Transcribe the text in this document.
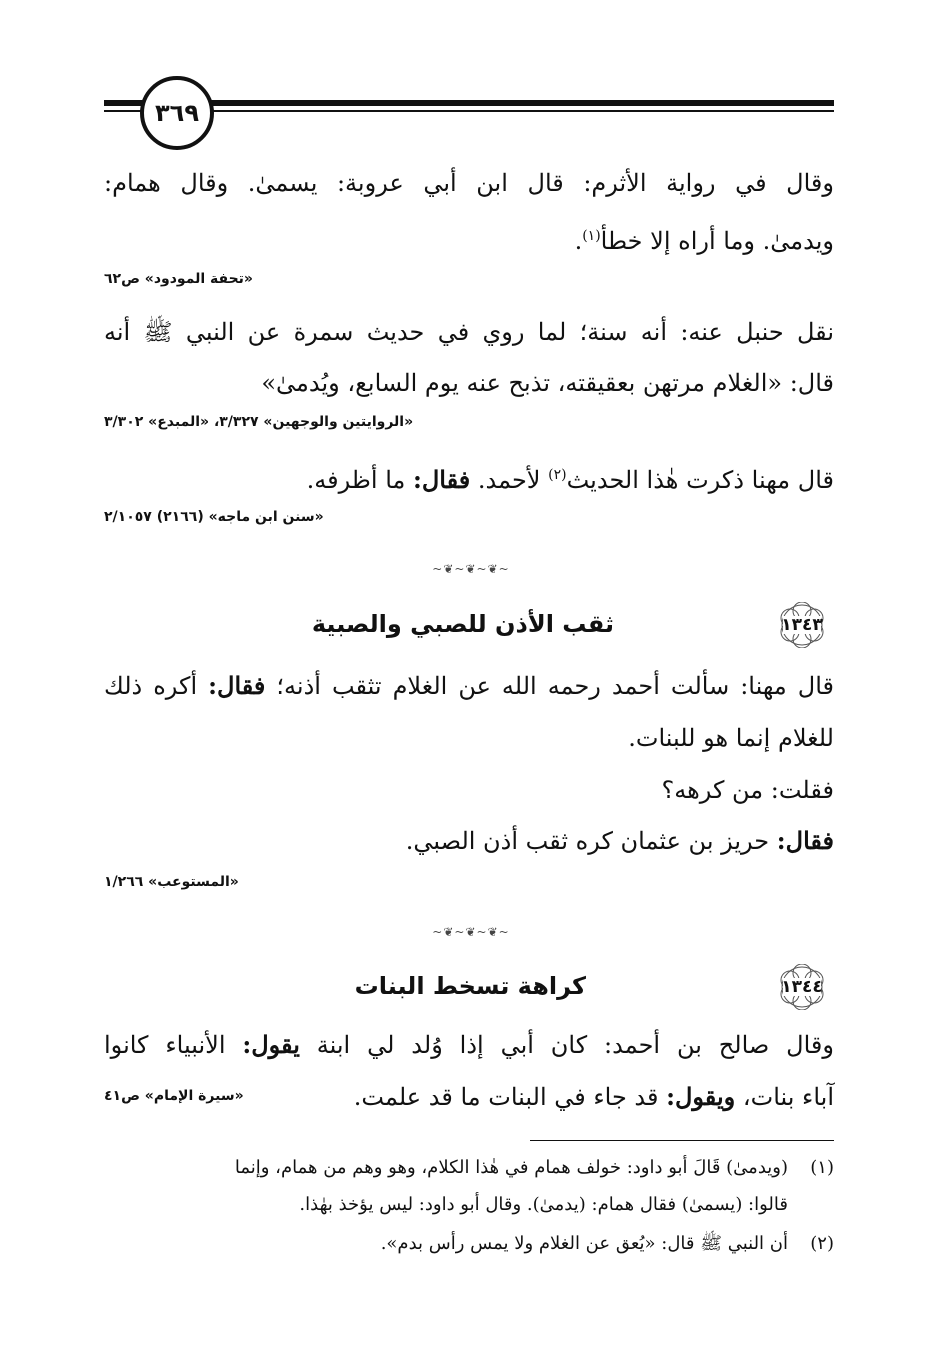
٣٦٩
وقال في رواية الأثرم: قال ابن أبي عروبة: يسمىٰ. وقال همام:
ويدمىٰ. وما أراه إلا خطأ$^{(١)}$.
«تحفة المودود» ص٦٢
نقل حنبل عنه: أنه سنة؛ لما روي في حديث سمرة عن النبي ﷺ أنه
قال: «الغلام مرتهن بعقيقته، تذبح عنه يوم السابع، ويُدمىٰ»
«الروايتين والوجهين» ٣/٣٢٧، «المبدع» ٣/٣٠٢
قال مهنا ذكرت هٰذا الحديث$^{(٢)}$ لأحمد. فقال: ما أظرفه.
«سنن ابن ماجه» (٢١٦٦) ٢/١٠٥٧
~❦~❦~❦~
١٣٤٣
ثقب الأذن للصبي والصبية
قال مهنا: سألت أحمد رحمه الله عن الغلام تثقب أذنه؛ فقال: أكره ذلك
للغلام إنما هو للبنات.
فقلت: من كرهه؟
فقال: حريز بن عثمان كره ثقب أذن الصبي.
«المستوعب» ١/٢٦٦
~❦~❦~❦~
١٣٤٤
كراهة تسخط البنات
وقال صالح بن أحمد: كان أبي إذا وُلد لي ابنة يقول: الأنبياء كانوا
آباء بنات، ويقول: قد جاء في البنات ما قد علمت.
«سيرة الإمام» ص٤١
(١)(ويدمىٰ) قَالَ أبو داود: خولف همام في هٰذا الكلام، وهو وهم من همام، وإنما
قالوا: (يسمىٰ) فقال همام: (يدمىٰ). وقال أبو داود: ليس يؤخذ بهٰذا.
(٢)أن النبي ﷺ قال: «يُعق عن الغلام ولا يمس رأس بدم».
